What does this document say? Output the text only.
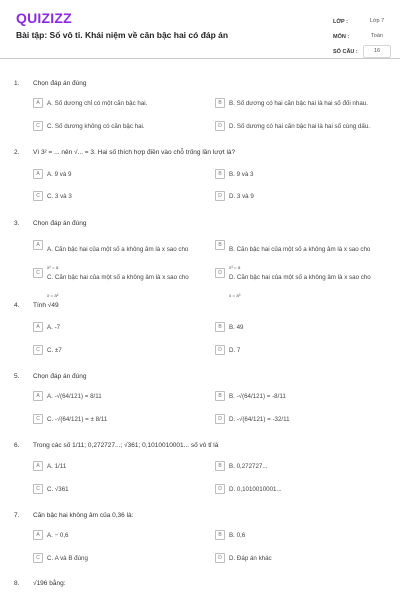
QUIZIZZ
Bài tập: Số vô tỉ. Khái niệm về căn bậc hai có đáp án
LỚP :	Lớp 7
MÔN :	Toán
SỐ CÂU :	16
1. Chọn đáp án đúng
A	A. Số dương chỉ có một căn bậc hai.	B	B. Số dương có hai căn bậc hai là hai số đối nhau.
C	C. Số dương không có căn bậc hai.	D	D. Số dương có hai căn bậc hai là hai số cùng dấu.
2. Vì 3² = ... nên √... = 3. Hai số thích hợp điền vào chỗ trống lần lượt là?
A	A. 9 và 9	B	B. 9 và 3
C	C. 3 và 3	D	D. 3 và 9
3. Chọn đáp án đúng
A
A. Căn bậc hai của một số a không âm là x sao cho
x² = a
B
B. Căn bậc hai của một số a không âm là x sao cho
x³ = a
C
C. Căn bậc hai của một số a không âm là x sao cho
x = a²
D
D. Căn bậc hai của một số a không âm là x sao cho
x = a³
4. Tính √49
A	A. -7	B	B. 49
C	C. ±7	D	D. 7
5. Chọn đáp án đúng
A	A. -√(64/121) = 8/11	B	B. -√(64/121) = -8/11
C	C. -√(64/121) = ± 8/11	D	D. -√(64/121) = -32/11
6. Trong các số 1/11; 0,272727...; √361; 0,1010010001... số vô tỉ là
A	A. 1/11	B	B. 0,272727...
C	C. √361	D	D. 0,1010010001...
7. Căn bậc hai không âm của 0,36 là:
A	A. − 0,6	B	B. 0,6
C	C. A và B đúng	D	D. Đáp án khác
8. √196 bằng:
